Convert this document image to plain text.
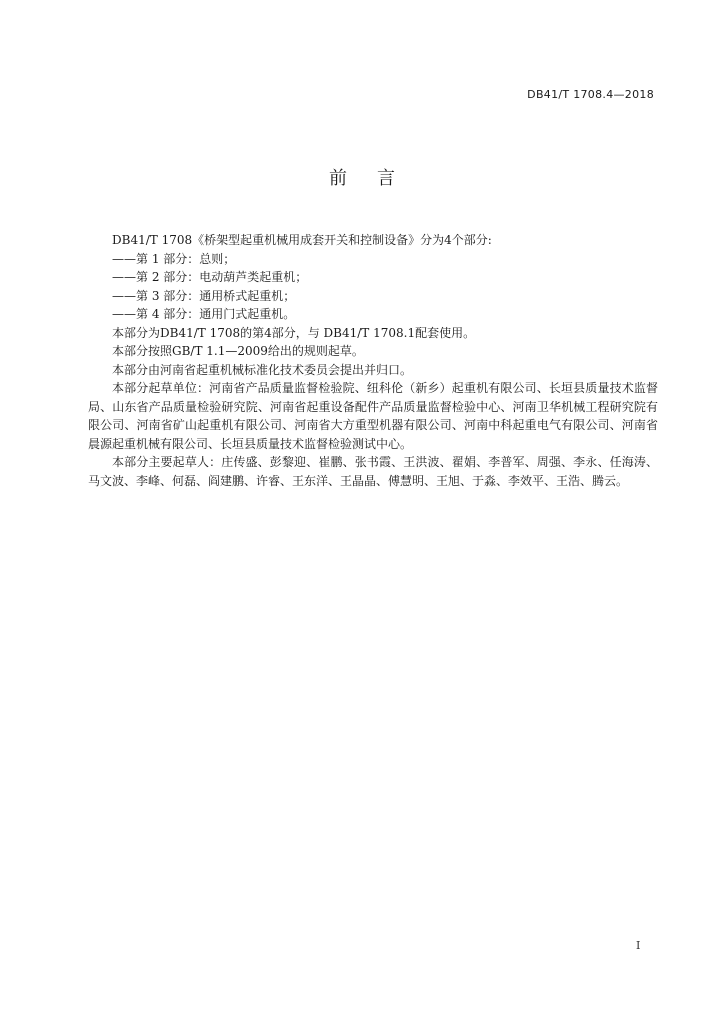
DB41/T 1708.4—2018
前 言

DB41/T 1708《桥架型起重机械用成套开关和控制设备》分为4个部分:

——第 1 部分：总则；

——第 2 部分：电动葫芦类起重机；

——第 3 部分：通用桥式起重机；

——第 4 部分：通用门式起重机。

本部分为DB41/T 1708的第4部分，与 DB41/T 1708.1配套使用。

本部分按照GB/T 1.1—2009给出的规则起草。

本部分由河南省起重机械标准化技术委员会提出并归口。

本部分起草单位：河南省产品质量监督检验院、纽科伦（新乡）起重机有限公司、长垣县质量技术监督局、山东省产品质量检验研究院、河南省起重设备配件产品质量监督检验中心、河南卫华机械工程研究院有限公司、河南省矿山起重机有限公司、河南省大方重型机器有限公司、河南中科起重电气有限公司、河南省晨源起重机械有限公司、长垣县质量技术监督检验测试中心。

本部分主要起草人：庄传盛、彭黎迎、崔鹏、张书霞、王洪波、翟娟、李普军、周强、李永、任海涛、马文波、李峰、何磊、阎建鹏、许睿、王东洋、王晶晶、傅慧明、王旭、于淼、李效平、王浩、腾云。

I
